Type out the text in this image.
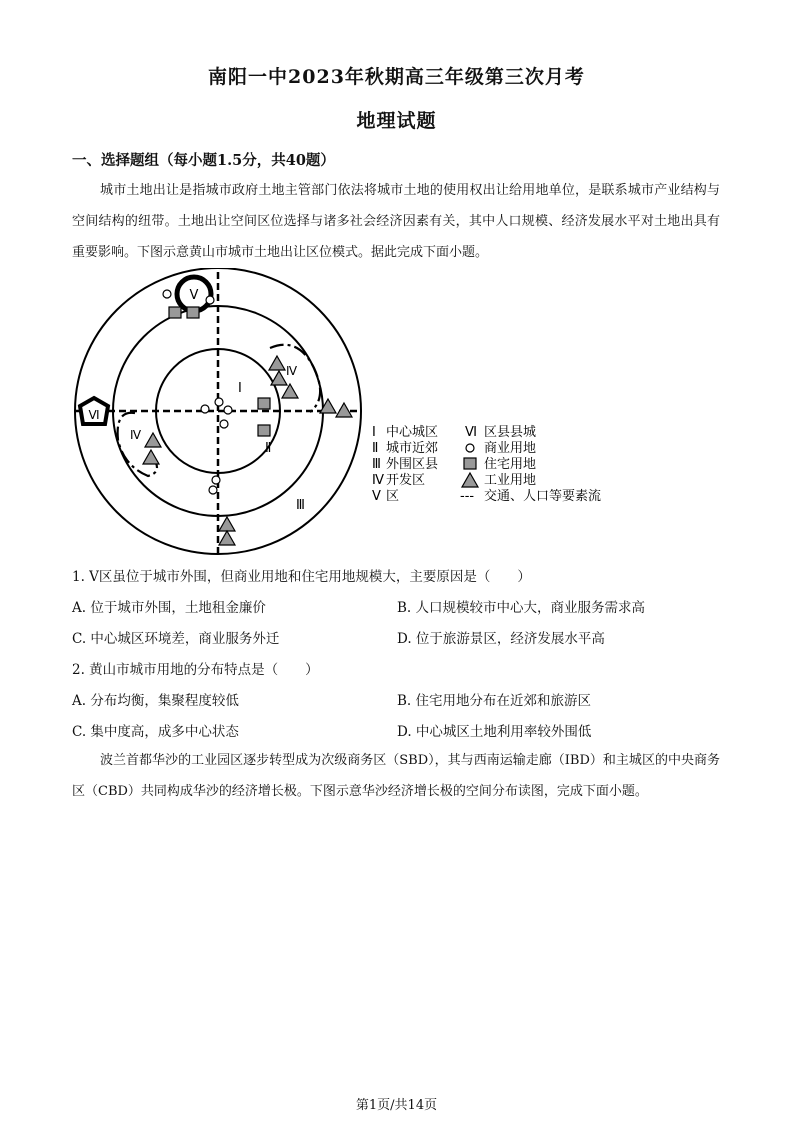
南阳一中2023年秋期高三年级第三次月考
地理试题
一、选择题组（每小题1.5分，共40题）
城市土地出让是指城市政府土地主管部门依法将城市土地的使用权出让给用地单位，是联系城市产业结构与空间结构的纽带。土地出让空间区位选择与诸多社会经济因素有关，其中人口规模、经济发展水平对土地出具有重要影响。下图示意黄山市城市土地出让区位模式。据此完成下面小题。
Ⅴ
Ⅵ
Ⅰ
Ⅱ
Ⅲ
Ⅳ
Ⅳ	Ⅰ 中心城区
Ⅱ 城市近郊
Ⅲ 外围区县
Ⅳ 开发区
Ⅴ 区
Ⅵ 区县县城
商业用地
住宅用地
工业用地
--- 交通、人口等要素流
1. Ⅴ区虽位于城市外围，但商业用地和住宅用地规模大，主要原因是（　　）
A. 位于城市外围，土地租金廉价	B. 人口规模较市中心大，商业服务需求高
C. 中心城区环境差，商业服务外迁	D. 位于旅游景区，经济发展水平高
2. 黄山市城市用地的分布特点是（　　）
A. 分布均衡，集聚程度较低	B. 住宅用地分布在近郊和旅游区
C. 集中度高，成多中心状态	D. 中心城区土地利用率较外围低
波兰首都华沙的工业园区逐步转型成为次级商务区（SBD），其与西南运输走廊（IBD）和主城区的中央商务区（CBD）共同构成华沙的经济增长极。下图示意华沙经济增长极的空间分布读图，完成下面小题。
第1页/共14页
